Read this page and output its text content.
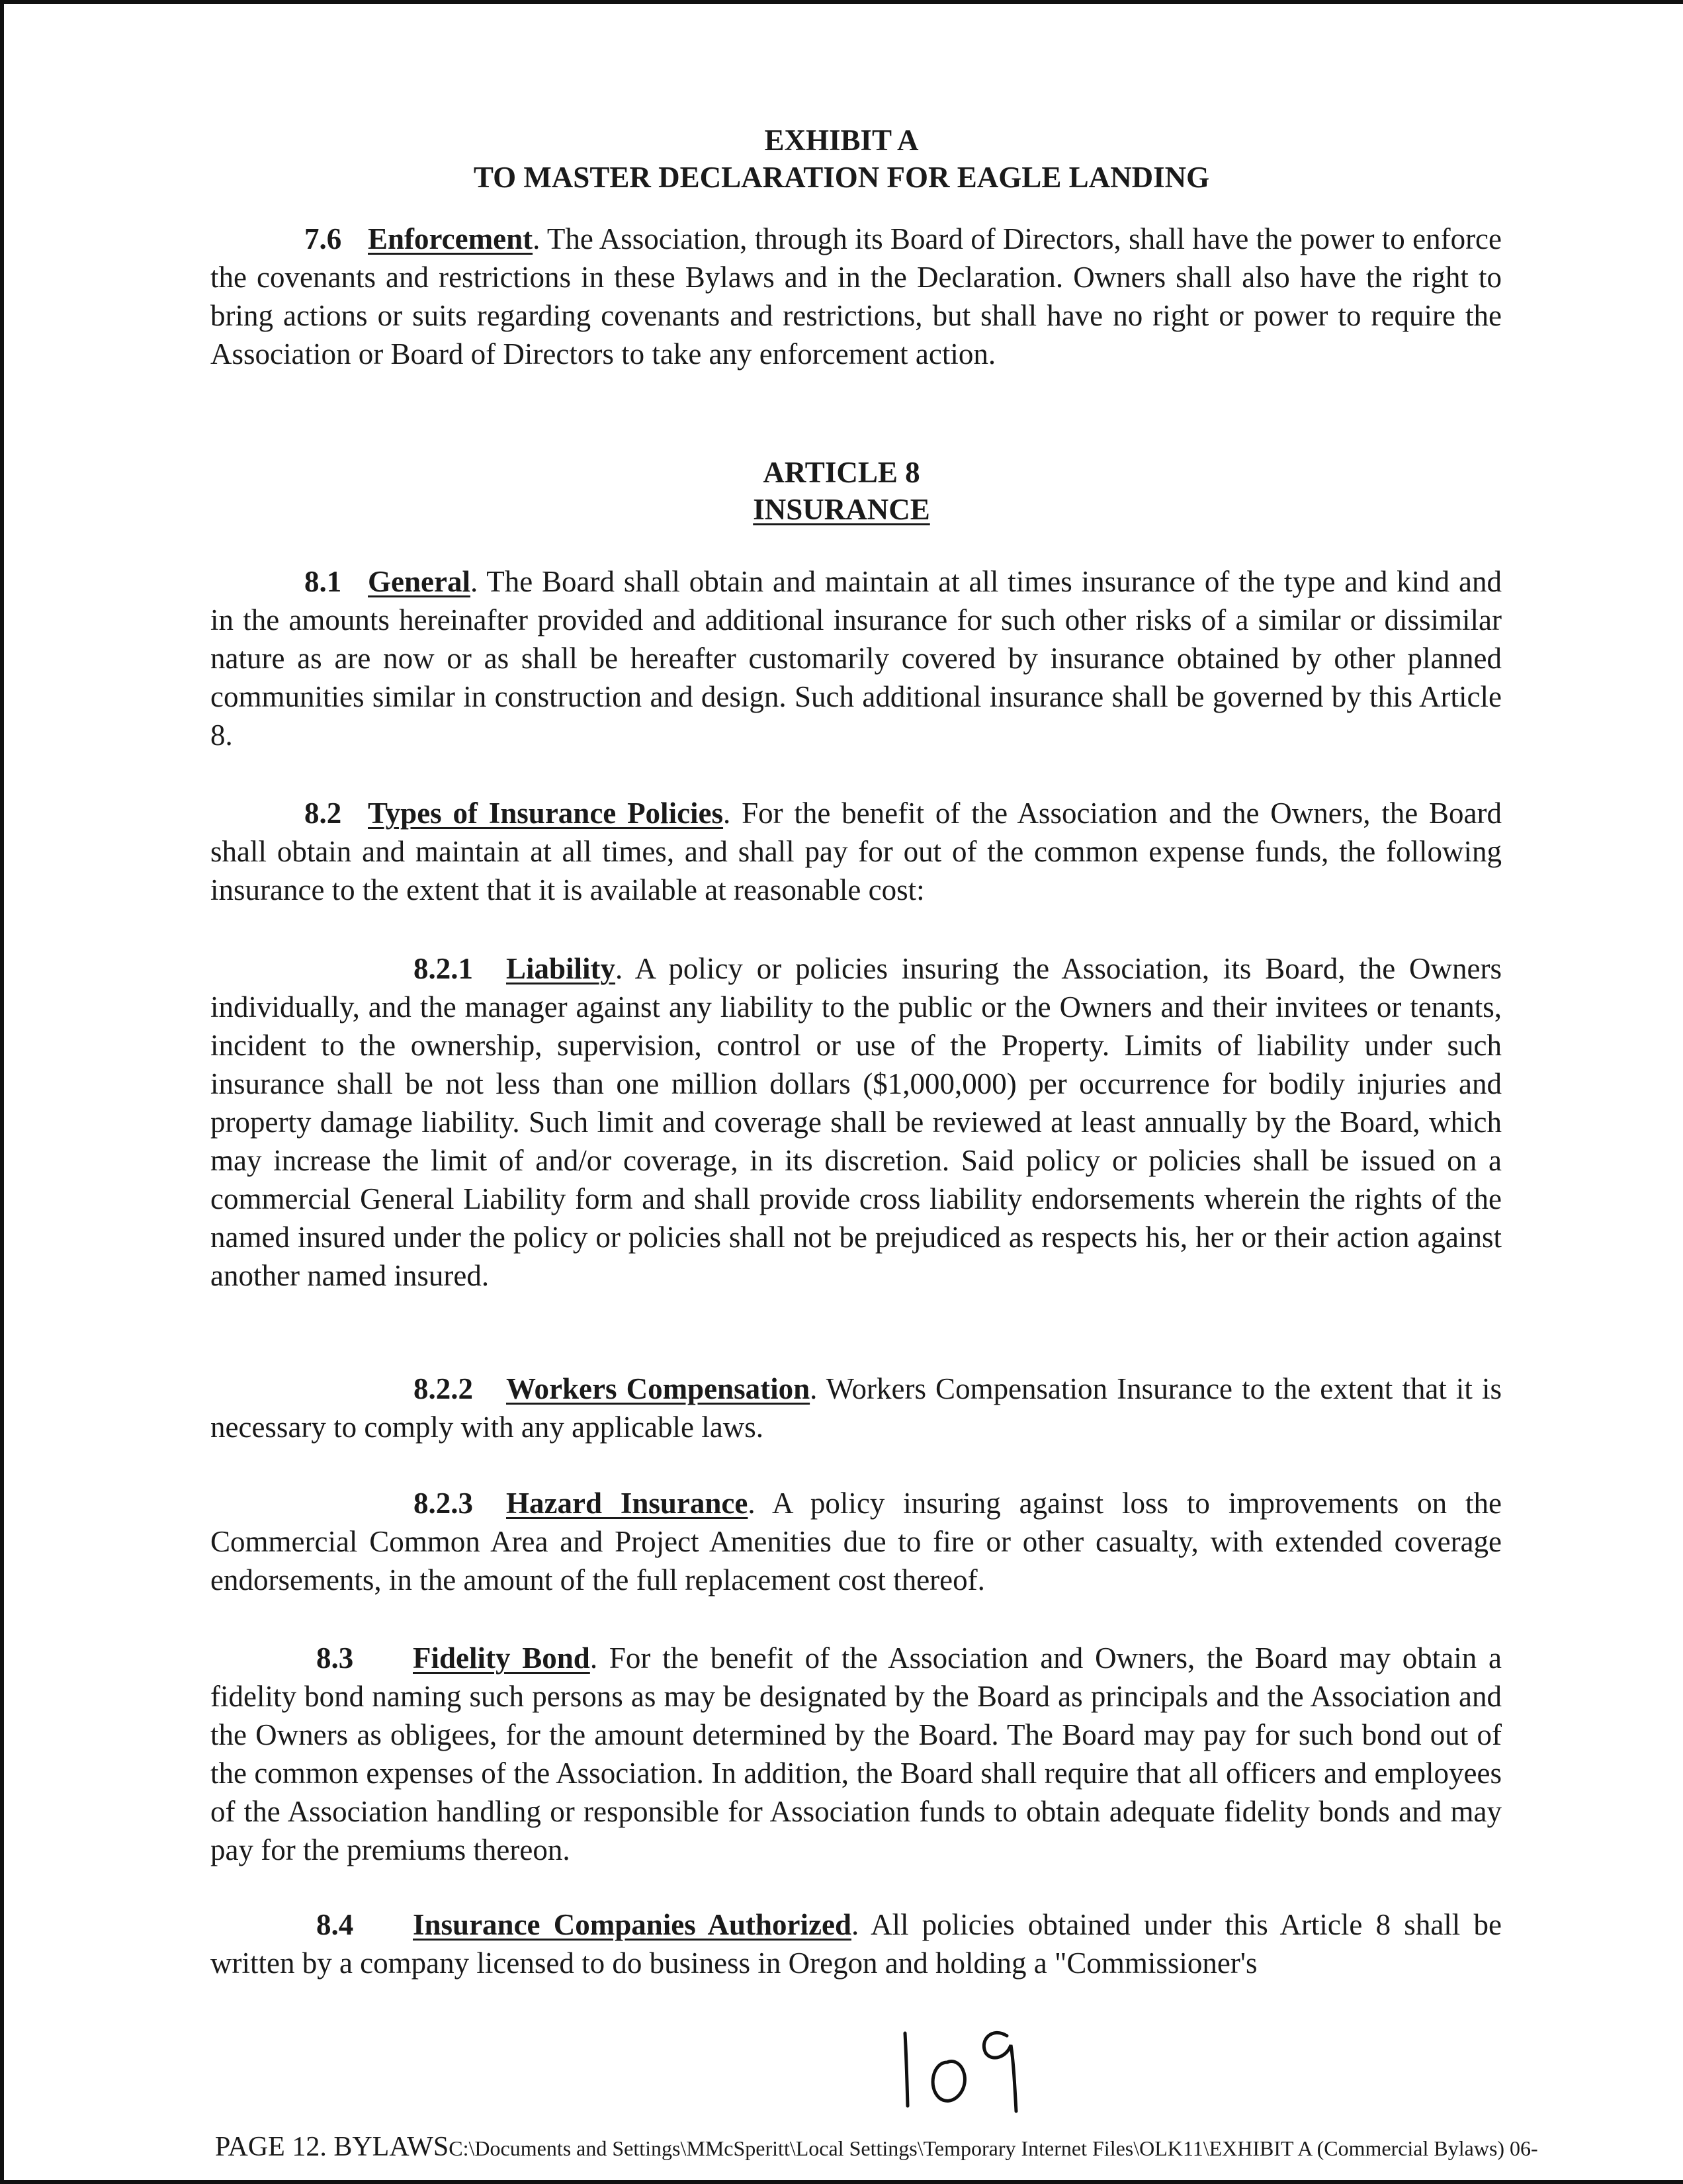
EXHIBIT A

TO MASTER DECLARATION FOR EAGLE LANDING

7.6 Enforcement. The Association, through its Board of Directors, shall have the power to enforce the covenants and restrictions in these Bylaws and in the Declaration. Owners shall also have the right to bring actions or suits regarding covenants and restrictions, but shall have no right or power to require the Association or Board of Directors to take any enforcement action.

ARTICLE 8

INSURANCE

8.1 General. The Board shall obtain and maintain at all times insurance of the type and kind and in the amounts hereinafter provided and additional insurance for such other risks of a similar or dissimilar nature as are now or as shall be hereafter customarily covered by insurance obtained by other planned communities similar in construction and design. Such additional insurance shall be governed by this Article 8.

8.2 Types of Insurance Policies. For the benefit of the Association and the Owners, the Board shall obtain and maintain at all times, and shall pay for out of the common expense funds, the following insurance to the extent that it is available at reasonable cost:

8.2.1 Liability. A policy or policies insuring the Association, its Board, the Owners individually, and the manager against any liability to the public or the Owners and their invitees or tenants, incident to the ownership, supervision, control or use of the Property. Limits of liability under such insurance shall be not less than one million dollars ($1,000,000) per occurrence for bodily injuries and property damage liability. Such limit and coverage shall be reviewed at least annually by the Board, which may increase the limit of and/or coverage, in its discretion. Said policy or policies shall be issued on a commercial General Liability form and shall provide cross liability endorsements wherein the rights of the named insured under the policy or policies shall not be prejudiced as respects his, her or their action against another named insured.

8.2.2 Workers Compensation. Workers Compensation Insurance to the extent that it is necessary to comply with any applicable laws.

8.2.3 Hazard Insurance. A policy insuring against loss to improvements on the Commercial Common Area and Project Amenities due to fire or other casualty, with extended coverage endorsements, in the amount of the full replacement cost thereof.

8.3 Fidelity Bond. For the benefit of the Association and Owners, the Board may obtain a fidelity bond naming such persons as may be designated by the Board as principals and the Association and the Owners as obligees, for the amount determined by the Board. The Board may pay for such bond out of the common expenses of the Association. In addition, the Board shall require that all officers and employees of the Association handling or responsible for Association funds to obtain adequate fidelity bonds and may pay for the premiums thereon.

8.4 Insurance Companies Authorized. All policies obtained under this Article 8 shall be written by a company licensed to do business in Oregon and holding a "Commissioner's

PAGE 12. BYLAWSC:\Documents and Settings\MMcSperitt\Local Settings\Temporary Internet Files\OLK11\EXHIBIT A (Commercial Bylaws) 06-
